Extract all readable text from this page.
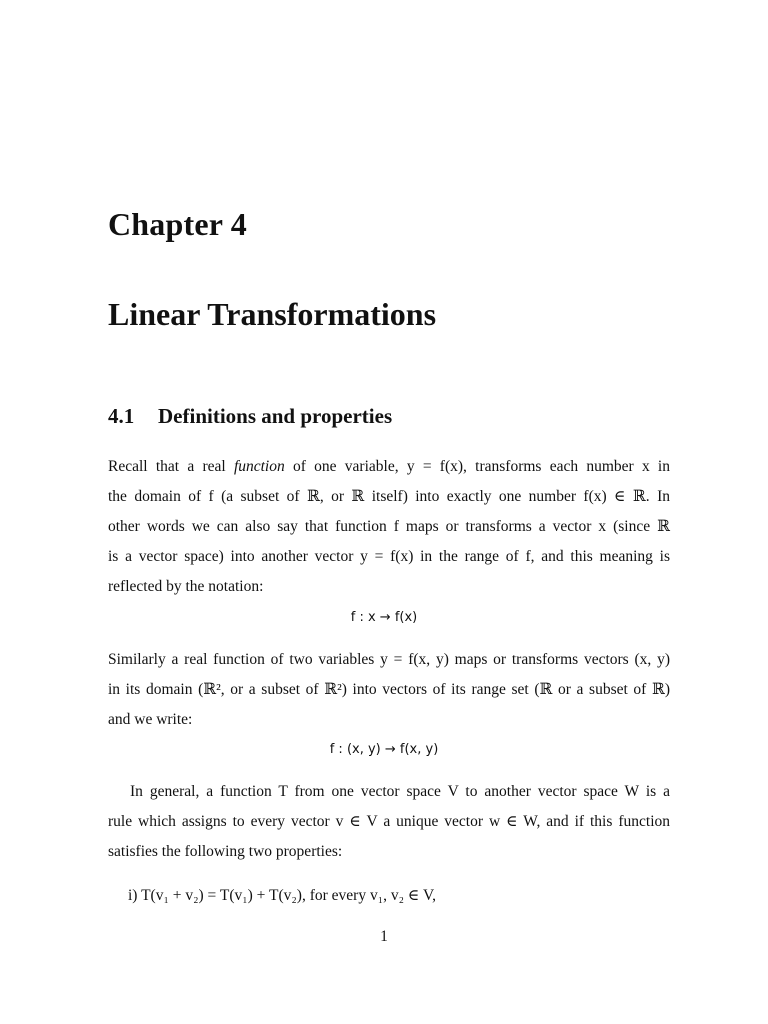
Chapter 4
Linear Transformations
4.1 Definitions and properties
Recall that a real function of one variable, y = f(x), transforms each number x in
the domain of f (a subset of ℝ, or ℝ itself) into exactly one number f(x) ∈ ℝ. In
other words we can also say that function f maps or transforms a vector x (since ℝ
is a vector space) into another vector y = f(x) in the range of f, and this meaning is
reflected by the notation:
f : x → f(x)
Similarly a real function of two variables y = f(x, y) maps or transforms vectors (x, y)
in its domain (ℝ², or a subset of ℝ²) into vectors of its range set (ℝ or a subset of ℝ)
and we write:
f : (x, y) → f(x, y)
In general, a function T from one vector space V to another vector space W is a
rule which assigns to every vector v ∈ V a unique vector w ∈ W, and if this function
satisfies the following two properties:
i) T(v₁ + v₂) = T(v₁) + T(v₂), for every v₁, v₂ ∈ V,
1
